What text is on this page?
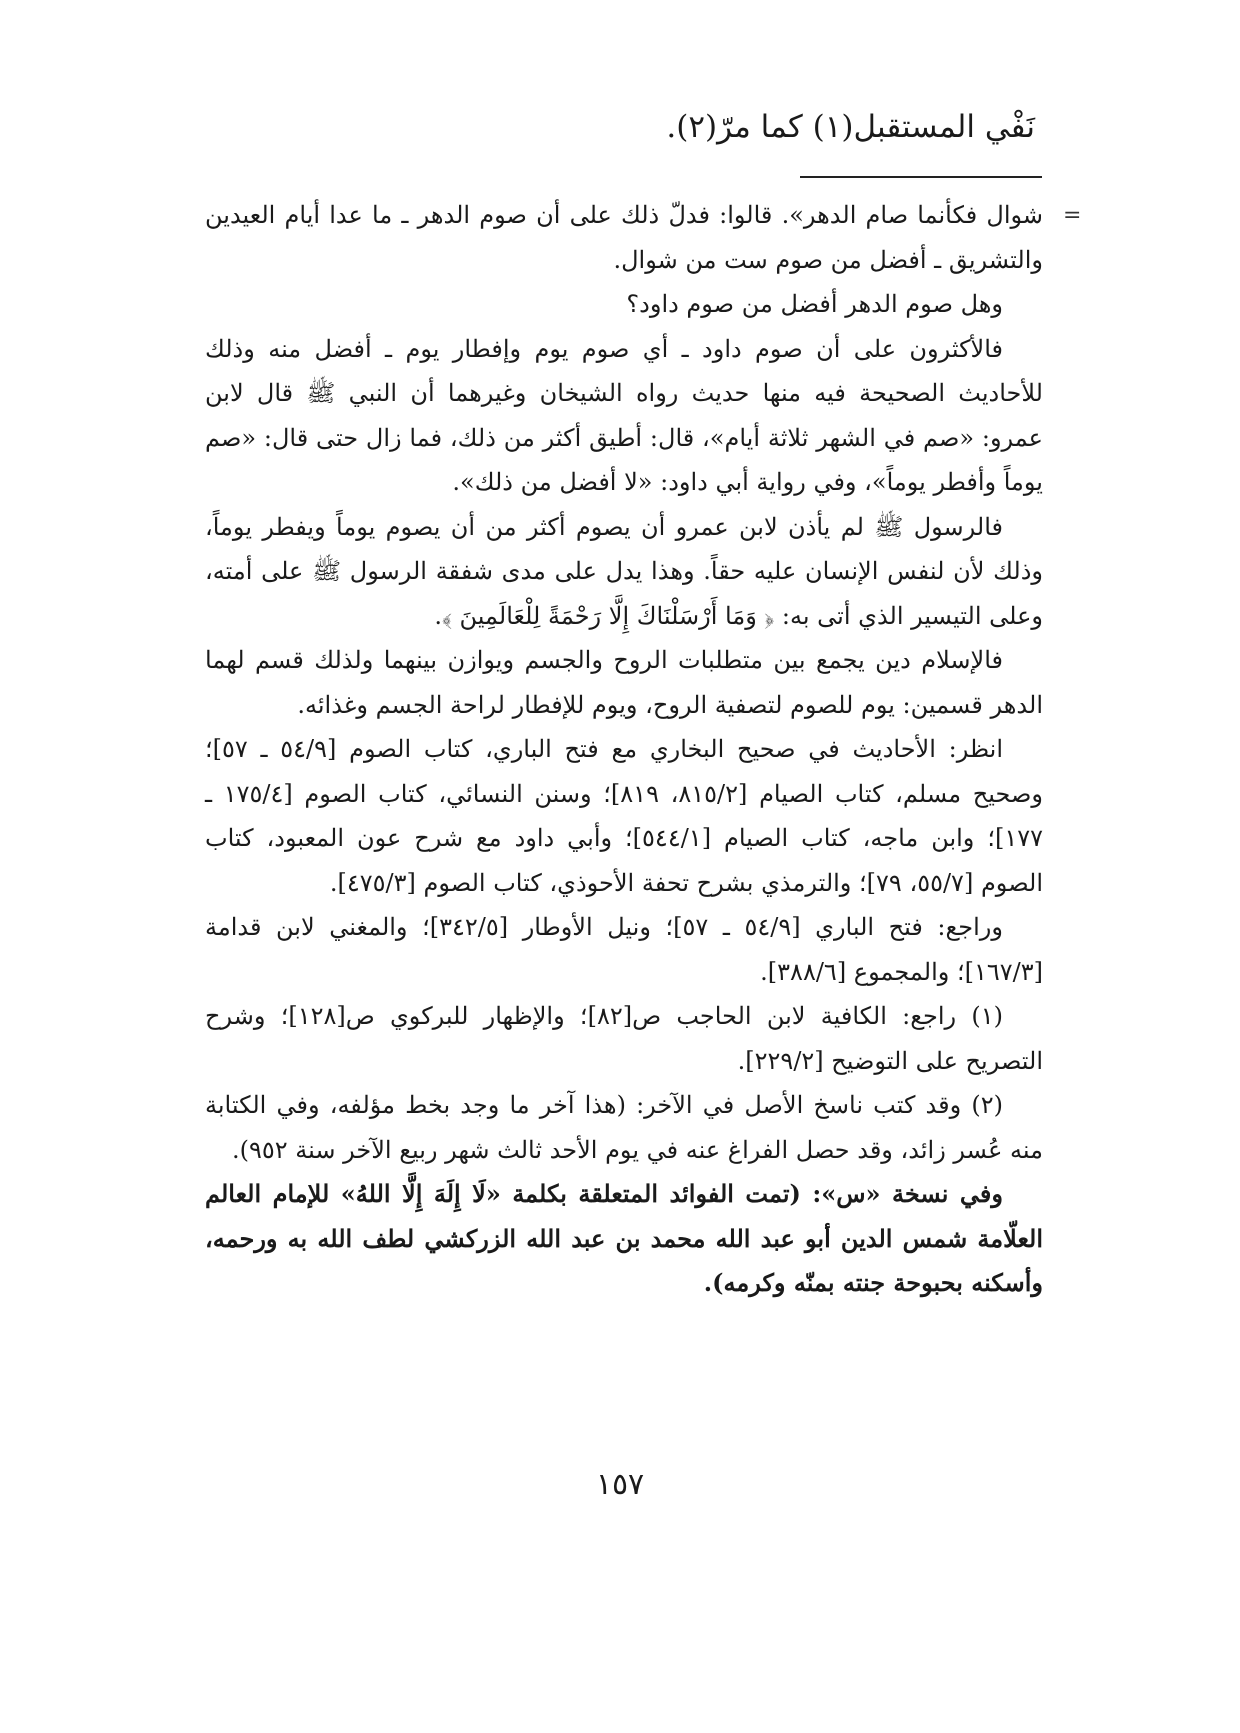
نَفْي المستقبل(١) كما مرّ(٢).
=

شوال فكأنما صام الدهر». قالوا: فدلّ ذلك على أن صوم الدهر ـ ما عدا أيام العيدين والتشريق ـ أفضل من صوم ست من شوال.

وهل صوم الدهر أفضل من صوم داود؟

فالأكثرون على أن صوم داود ـ أي صوم يوم وإفطار يوم ـ أفضل منه وذلك للأحاديث الصحيحة فيه منها حديث رواه الشيخان وغيرهما أن النبي ﷺ قال لابن عمرو: «صم في الشهر ثلاثة أيام»، قال: أطيق أكثر من ذلك، فما زال حتى قال: «صم يوماً وأفطر يوماً»، وفي رواية أبي داود: «لا أفضل من ذلك».

فالرسول ﷺ لم يأذن لابن عمرو أن يصوم أكثر من أن يصوم يوماً ويفطر يوماً، وذلك لأن لنفس الإنسان عليه حقاً. وهذا يدل على مدى شفقة الرسول ﷺ على أمته، وعلى التيسير الذي أتى به: ﴿ وَمَا أَرْسَلْنَاكَ إِلَّا رَحْمَةً لِلْعَالَمِينَ ﴾.

فالإسلام دين يجمع بين متطلبات الروح والجسم ويوازن بينهما ولذلك قسم لهما الدهر قسمين: يوم للصوم لتصفية الروح، ويوم للإفطار لراحة الجسم وغذائه.

انظر: الأحاديث في صحيح البخاري مع فتح الباري، كتاب الصوم [٥٤/٩ ـ ٥٧]؛ وصحيح مسلم، كتاب الصيام [٨١٥/٢، ٨١٩]؛ وسنن النسائي، كتاب الصوم [١٧٥/٤ ـ ١٧٧]؛ وابن ماجه، كتاب الصيام [٥٤٤/١]؛ وأبي داود مع شرح عون المعبود، كتاب الصوم [٥٥/٧، ٧٩]؛ والترمذي بشرح تحفة الأحوذي، كتاب الصوم [٤٧٥/٣].

وراجع: فتح الباري [٥٤/٩ ـ ٥٧]؛ ونيل الأوطار [٣٤٢/٥]؛ والمغني لابن قدامة [١٦٧/٣]؛ والمجموع [٣٨٨/٦].

(١) راجع: الكافية لابن الحاجب ص[٨٢]؛ والإظهار للبركوي ص[١٢٨]؛ وشرح التصريح على التوضيح [٢٢٩/٢].

(٢) وقد كتب ناسخ الأصل في الآخر: (هذا آخر ما وجد بخط مؤلفه، وفي الكتابة منه عُسر زائد، وقد حصل الفراغ عنه في يوم الأحد ثالث شهر ربيع الآخر سنة ٩٥٢).

وفي نسخة «س»: (تمت الفوائد المتعلقة بكلمة «لَا إِلَهَ إِلَّا اللهُ» للإمام العالم العلّامة شمس الدين أبو عبد الله محمد بن عبد الله الزركشي لطف الله به ورحمه، وأسكنه بحبوحة جنته بمنّه وكرمه).

١٥٧
